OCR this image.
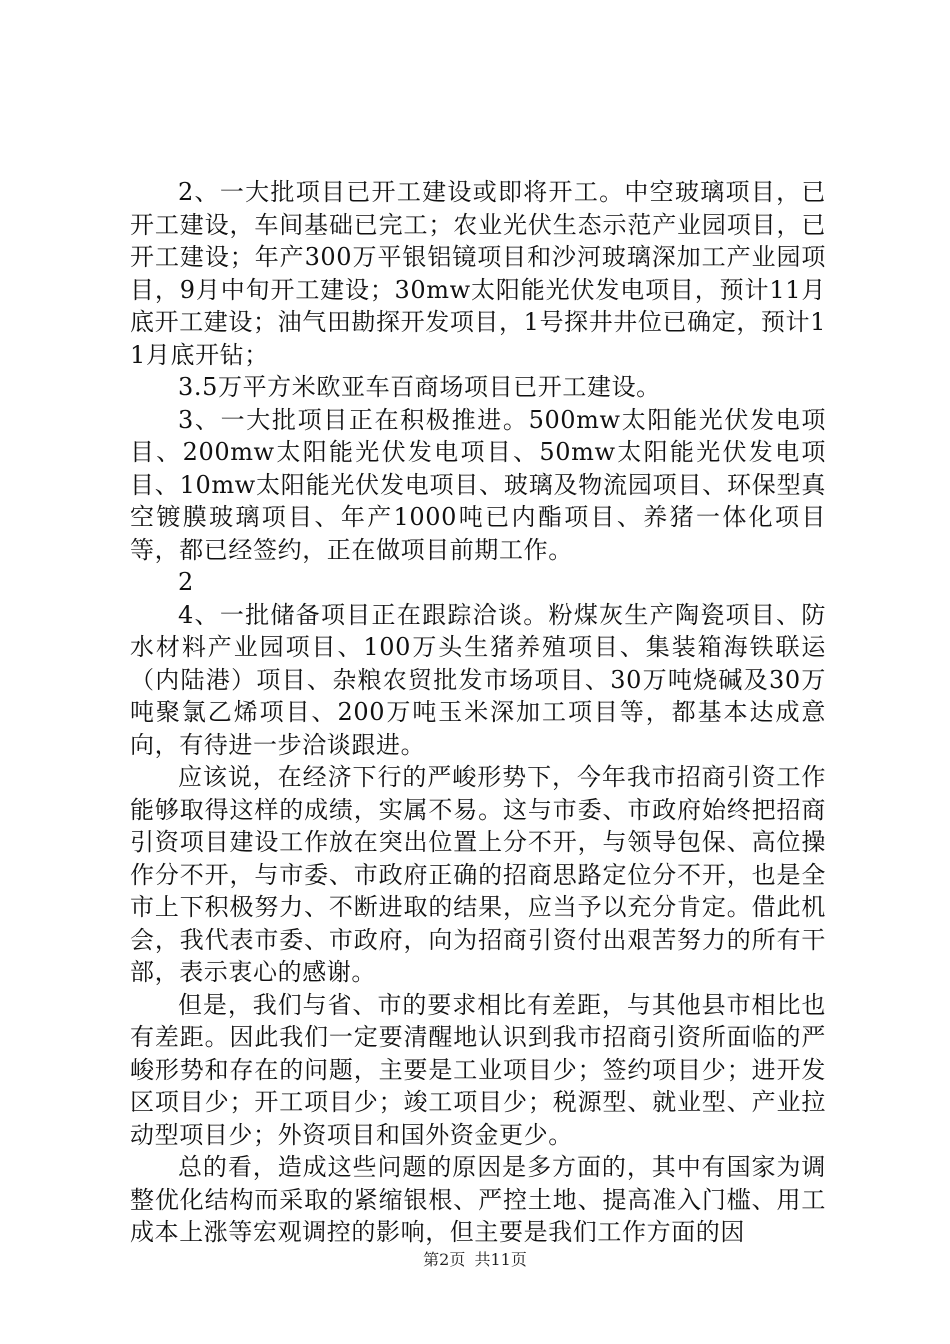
2、一大批项目已开工建设或即将开工。中空玻璃项目，已开工建设，车间基础已完工；农业光伏生态示范产业园项目，已开工建设；年产300万平银铝镜项目和沙河玻璃深加工产业园项目，9月中旬开工建设；30mw太阳能光伏发电项目，预计11月底开工建设；油气田勘探开发项目，1号探井井位已确定，预计11月底开钻；

3.5万平方米欧亚车百商场项目已开工建设。

3、一大批项目正在积极推进。500mw太阳能光伏发电项目、200mw太阳能光伏发电项目、50mw太阳能光伏发电项目、10mw太阳能光伏发电项目、玻璃及物流园项目、环保型真空镀膜玻璃项目、年产1000吨已内酯项目、养猪一体化项目等，都已经签约，正在做项目前期工作。

2

4、一批储备项目正在跟踪洽谈。粉煤灰生产陶瓷项目、防水材料产业园项目、100万头生猪养殖项目、集装箱海铁联运（内陆港）项目、杂粮农贸批发市场项目、30万吨烧碱及30万吨聚氯乙烯项目、200万吨玉米深加工项目等，都基本达成意向，有待进一步洽谈跟进。

应该说，在经济下行的严峻形势下，今年我市招商引资工作能够取得这样的成绩，实属不易。这与市委、市政府始终把招商引资项目建设工作放在突出位置上分不开，与领导包保、高位操作分不开，与市委、市政府正确的招商思路定位分不开，也是全市上下积极努力、不断进取的结果，应当予以充分肯定。借此机会，我代表市委、市政府，向为招商引资付出艰苦努力的所有干部，表示衷心的感谢。

但是，我们与省、市的要求相比有差距，与其他县市相比也有差距。因此我们一定要清醒地认识到我市招商引资所面临的严峻形势和存在的问题，主要是工业项目少；签约项目少；进开发区项目少；开工项目少；竣工项目少；税源型、就业型、产业拉动型项目少；外资项目和国外资金更少。

总的看，造成这些问题的原因是多方面的，其中有国家为调整优化结构而采取的紧缩银根、严控土地、提高准入门槛、用工成本上涨等宏观调控的影响，但主要是我们工作方面的因

第2页 共11页
